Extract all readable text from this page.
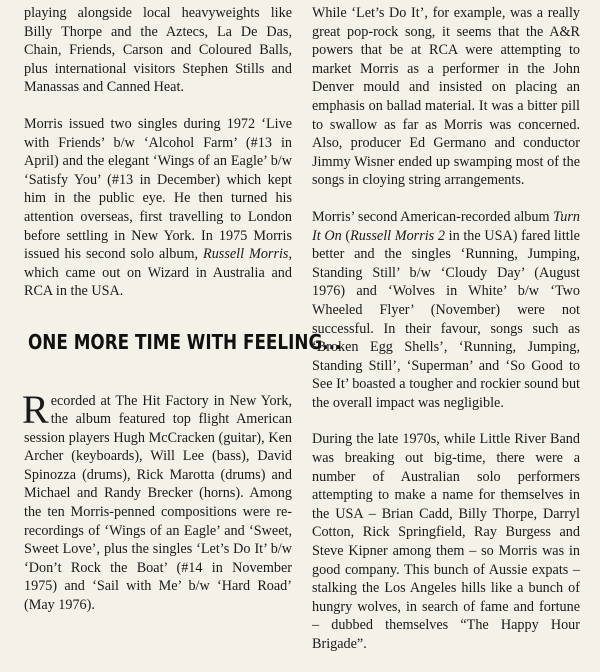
playing alongside local heavyweights like Billy Thorpe and the Aztecs, La De Das, Chain, Friends, Carson and Coloured Balls, plus international visitors Stephen Stills and Manassas and Canned Heat.

Morris issued two singles during 1972 ‘Live with Friends’ b/w ‘Alcohol Farm’ (#13 in April) and the elegant ‘Wings of an Eagle’ b/w ‘Satisfy You’ (#13 in December) which kept him in the public eye. He then turned his attention overseas, first travelling to London before settling in New York. In 1975 Morris issued his second solo album, Russell Morris, which came out on Wizard in Australia and RCA in the USA.

ONE MORE TIME WITH FEELING...

Recorded at The Hit Factory in New York, the album featured top flight American session players Hugh McCracken (guitar), Ken Archer (keyboards), Will Lee (bass), David Spinozza (drums), Rick Marotta (drums) and Michael and Randy Brecker (horns). Among the ten Morris-penned compositions were re-recordings of ‘Wings of an Eagle’ and ‘Sweet, Sweet Love’, plus the singles ‘Let’s Do It’ b/w ‘Don’t Rock the Boat’ (#14 in November 1975) and ‘Sail with Me’ b/w ‘Hard Road’ (May 1976).

While ‘Let’s Do It’, for example, was a really great pop-rock song, it seems that the A&R powers that be at RCA were attempting to market Morris as a performer in the John Denver mould and insisted on placing an emphasis on ballad material. It was a bitter pill to swallow as far as Morris was concerned. Also, producer Ed Germano and conductor Jimmy Wisner ended up swamping most of the songs in cloying string arrangements.

Morris’ second American-recorded album Turn It On (Russell Morris 2 in the USA) fared little better and the singles ‘Running, Jumping, Standing Still’ b/w ‘Cloudy Day’ (August 1976) and ‘Wolves in White’ b/w ‘Two Wheeled Flyer’ (November) were not successful. In their favour, songs such as ‘Broken Egg Shells’, ‘Running, Jumping, Standing Still’, ‘Superman’ and ‘So Good to See It’ boasted a tougher and rockier sound but the overall impact was negligible.

During the late 1970s, while Little River Band was breaking out big-time, there were a number of Australian solo performers attempting to make a name for themselves in the USA – Brian Cadd, Billy Thorpe, Darryl Cotton, Rick Springfield, Ray Burgess and Steve Kipner among them – so Morris was in good company. This bunch of Aussie expats – stalking the Los Angeles hills like a bunch of hungry wolves, in search of fame and fortune – dubbed themselves “The Happy Hour Brigade”.
